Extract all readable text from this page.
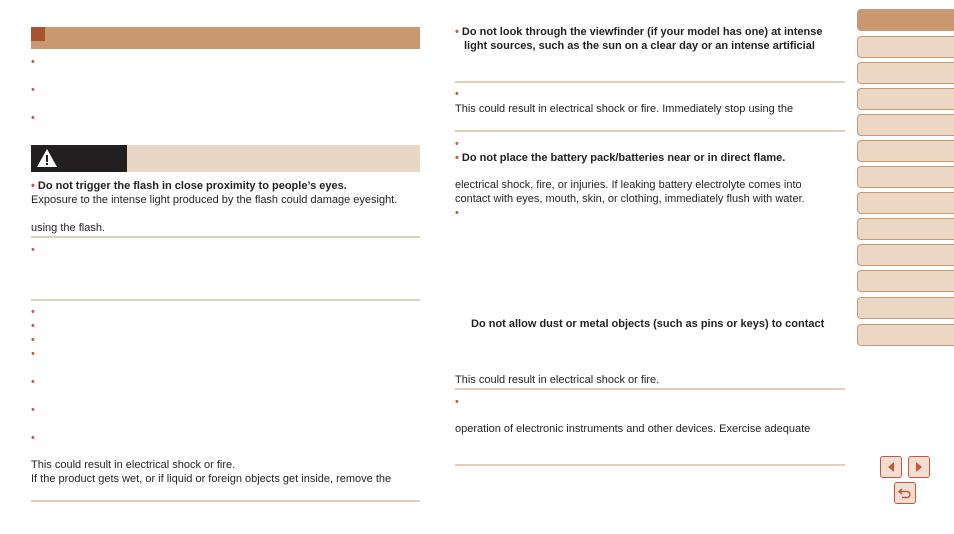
•
•
•
• Do not trigger the flash in close proximity to people’s eyes.
Exposure to the intense light produced by the flash could damage eyesight.
using the flash.
•
•
•
•
•
•
•
•
This could result in electrical shock or fire.
If the product gets wet, or if liquid or foreign objects get inside, remove the
• Do not look through the viewfinder (if your model has one) at intense
light sources, such as the sun on a clear day or an intense artificial
•
This could result in electrical shock or fire. Immediately stop using the
•
• Do not place the battery pack/batteries near or in direct flame.
electrical shock, fire, or injuries. If leaking battery electrolyte comes into
contact with eyes, mouth, skin, or clothing, immediately flush with water.
•
Do not allow dust or metal objects (such as pins or keys) to contact
This could result in electrical shock or fire.
•
operation of electronic instruments and other devices. Exercise adequate
